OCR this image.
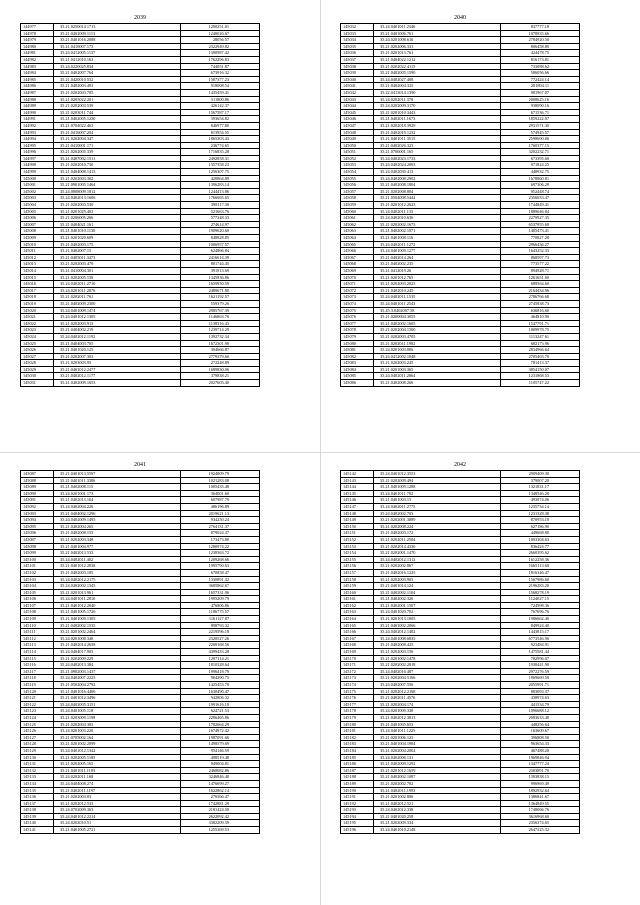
2039
144977	35.21.0250014.1713	1200251.01
144978	35.21.0402009.1113	1240026.67
144979	35.21.0401016.2088	28056.57
144980	35.21.0410007.173	2322949.82
144981	35.24.0412005.1137	1390987.42
144982	35.21.0412010.163	1762296.83
144983	35.24.0220025.834	744051.87
144984	35.21.0402007.764	673916.32
144985	35.21.0420010.552	1587377.23
144986	35.21.0402003.493	918008.54
144987	35.21.0202003.705	1435459.41
144988	35.21.0205022.201	511800.86
144989	35.21.0202003.539	426142.37
144990	35.21.0203011.744	1567587.17
144991	35.21.0402005.1230	393654.82
144992	35.21.0704022.463	846977.80
144993	35.21.0416007.204	813954.55
144994	35.21.0202004.347	1865303.43
144995	35.21.0410001.171	236774.65
144996	35.21.0202005.339	1716835.28
144997	35.21.0407002.1511	2492858.31
144998	35.21.0202010.730	1357358.23
144999	35.21.0404008.1413	1256307.75
145000	35.21.0202003.302	420864.89
145001	35.21.0901005.1464	1396283.14
145002	35.24.0808009.1812	1244413.86
145003	35.24.0402013.1606	1766665.65
145004	35.21.0202003.530	398117.30
145005	35.21.0201025.403	521663.76
145006	35.21.0206005.266	577348.33
145007	35.21.0404021.161	274614.97
145008	35.21.0401010.1130	1909620.60
145009	35.21.0201020.609	848828.85
145010	35.21.0402003.175	1006957.57
145011	35.21.0402007.15	624866.84
145012	35.21.0405011.3473	2416614.39
145013	35.21.0202003.479	881744.45
145014	35.21.0410004.301	391913.69
145015	35.21.0202005.158	1345836.86
145016	35.24.0402011.2710	1659950.59
145017	35.24.0201011.2876	2489671.80
145018	35.21.0202011.761	1621192.57
145019	35.21.0402009.2300	559379.26
145020	35.24.0401009.1474	2985767.39
145021	35.24.0401012.1305	1146863.76
145022	35.21.0202003.913	1138316.43
145023	35.21.0404002.219	1239714.29
145024	35.24.0402012.1192	1392732.34
145025	35.21.0404003.705	1672301.90
145026	35.21.0401020.125	394666.87
145027	35.21.0202007.303	2779379.60
145028	35.21.0203003.95	272248.89
145029	35.21.0401012.2477	1689830.06
145030	35.21.0402012.1177	379838.21
145031	35.21.0402009.1653	2027603.40
2040
145032	35.24.0401011.2346	837777.18
145033	35.21.0401006.761	1078935.66
145034	35.24.0201008.616	2784920.50
145035	35.21.0202006.331	806458.80
145036	35.21.0201013.761	424478.75
145037	35.21.0404022.1212	816173.81
145038	35.21.0202022.4115	733088.62
145039	35.21.0402005.1590	586056.66
145040	35.24.0402027.408	772424.14
145041	35.21.0402004.325	281804.11
145042	35.22.0413014.1390	981967.07
145043	35.24.0202011.378	2008625.16
145044	35.24.0202009.3170	938090.16
145045	35.21.0201010.3443	671536.71
145046	35.21.0402011.1673	1859222.07
145047	35.21.0202018.3929	2931571.30
145048	35.21.0402019.1232	574945.57
145049	35.21.0401011.3515	2598690.06
145050	35.21.0402026.323	1760377.15
145051	35.21.0706001.165	3202232.71
145052	35.24.0402023.1733	673395.60
145053	35.24.0402024.2003	971824.25
145054	35.24.0402030.413	448932.75
145055	35.24.0402008.2902	1678860.81
145056	35.21.0402008.1804	697306.29
145057	35.21.0202008.804	952448.74
145058	35.21.0504008.5442	2356033.47
145059	35.21.0201012.2623	1744849.41
145060	35.24.0402011.133	1889646.84
145061	35.24.0402010.636	2279927.35
145062	35.21.0202002.1673	6537955.69
145063	35.21.0402002.1071	1405473.41
145064	35.21.0401008.116	770827.28
145065	35.24.0402011.1272	2966436.27
145066	35.24.0401009.1277	1643252.33
145067	35.21.0402014.264	868597.73
145068	35.21.0402002.235	773577.22
145069	35.21.0412019.26	894928.71
145070	35.21.0201012.765	1261651.00
145071	35.21.0202003.2025	689564.60
145072	35.21.0402010.245	2164434.96
145073	35.24.0402011.1535	2786766.68
145074	35.24.0401011.2543	2745838.73
145075	35.45.3.0402007.58	636816.60
145076	35.21.0200004.3055	464810.90
145077	35.21.0402002.1605	1547791.71
145078	35.21.0202004.1500	1809978.75
145079	35.21.0202003.4705	1113247.61
145080	35.21.0202011.1982	682173.96
145081	35.24.0201003.806	2834966.64
145082	35.24.0412002.1048	2705403.70
145083	35.21.0202003.245	781413.37
145084	35.21.0201003.365	3854150.07
145085	35.24.0402011.2864	1231868.53
145086	35.21.0402008.266	1105747.22
2041
145087	35.21.0401013.5597	1924809.79
145088	35.21.0401011.3386	1021283.08
145089	35.21.0402008.115	1005435.48
145090	35.24.0201001.173	364001.60
145091	35.21.0402013.164	607987.79
145092	35.24.0402004.226	486196.89
145093	35.21.0404002.1296	2019621.13
145094	35.24.0402009.1495	934250.24
145095	35.21.0402004.265	2764131.37
145096	35.21.0402008.153	879024.37
145097	35.21.0202003.348	173473.80
145098	35.21.0401004.977	1280974.22
145099	35.21.0402013.533	1238363.72
145100	35.24.0402011.402	1209268.66
145101	35.21.0401012.2838	1995790.63
145102	35.21.0402003.185	670858.47
145103	35.24.0402012.2175	1330891.32
145104	35.24.0402002.1345	3685862.67
145105	35.21.0201013.961	1657331.06
145106	35.24.0401011.2810	1995209.79
145107	35.21.0401012.2040	476806.86
145108	35.21.0401005.1726	1186775.57
145109	35.21.0401009.1305	1161127.87
145110	35.21.0402002.1535	898793.32
145111	35.21.0201002.2464	2219596.18
145112	35.24.0201008.348	2328527.26
145113	35.21.0402014.2658	2208168.56
145114	35.24.0404017.903	4399433.28
145115	35.21.0202009.229	1297114.21
145116	35.24.0402013.384	1810328.64
145117	35.21.0902003.1437	1996418.79
145118	35.24.0402007.2225	904290.75
145119	35.21.0502004.2792	1425453.78
145120	35.21.0401016.4406	1630490.47
145121	35.21.0401012.3496	942806.32
145122	35.24.0402005.3151	1991616.10
145123	35.24.0401005.118	624721.53
145124	35.21.0203009.1198	2286465.86
145125	35.21.0202004.383	1782664.29
145126	35.24.0201003.220	1674872.42
145127	35.21.0705002.164	1987091.66
145128	35.21.0201002.2099	1498579.69
145129	35.24.0401012.1342	954146.59
145130	35.21.0202005.1185	498519.48
145131	35.21.0202005.165	849004.81
145132	35.21.0401011.1183	2468082.86
145133	35.24.0202011.168	3246846.40
145134	35.24.0404008.274	1476699.27
145135	35.21.0402011.1197	1622862.14
145136	35.21.0202003.83	276566.47
145137	35.21.0202012.533	1742881.29
145138	35.24.0702009.363	2181424.58
145139	35.24.0401012.2214	2622092.42
145140	35.24.0202010.51	3382209.39
145141	35.21.0401005.2721	1255369.53
2042
145142	35.24.0401012.3553	2909409.30
145143	35.21.0202009.494	379007.20
145144	35.21.0401009.1288	1321831.17
145145	35.24.0401011.782	1348546.20
145146	35.21.0401003.15	493974.06
145147	35.24.0402011.2775	1235734.14
145148	35.24.0402002.703	1231328.38
145149	35.21.0202001.3889	870953.18
145150	35.21.0202008.224	627186.90
145151	35.21.0402003.172	449668.80
145152	35.21.0202011.2504	1003304.63
145153	35.21.0202014.4330	836424.77
145154	35.21.0202001.1470	2660395.62
145155	35.24.0402012.1312	1612258.36
145156	35.21.0202002.867	1665113.60
145157	35.21.0402016.1225	1816346.47
145158	35.21.0202003.903	1567986.60
145159	35.21.0401014.124	2196283.20
145160	35.21.0402002.1104	1568278.19
145161	35.21.0402002.326	1124027.15
145162	35.21.0402001.1507	724998.36
145163	35.24.0401020.702	767696.76
145164	35.21.0201013.1005	1986662.40
145165	35.21.0401002.2066	849924.40
145166	35.24.0402012.1402	1443815.17
145167	35.24.0401008.6835	6773546.90
145168	35.21.0402008.425	923484.91
145169	35.21.0202003.156	1475581.44
145170	35.21.0201002.1478	782996.07
145171	35.21.0202002.2818	1938441.90
145172	35.24.0402016.487	2972276.59
145173	35.21.0202004.5166	1969669.50
145174	35.24.0402007.556	2055991.71
145175	35.21.0202012.2168	883093.37
145176	35.21.0402011.4576	438974.63
145177	35.21.0202004.174	441534.79
145178	35.24.0201009.338	1096688.12
145179	35.21.0402012.3813	2083633.40
145180	35.21.0401005.653	448256.64
145181	35.24.0401011.1225	163609.67
145182	35.21.0201006.123	396808.50
145183	35.21.0401004.1984	963654.33
145184	35.21.0202004.2002	467488.20
145185	35.24.0402006.131	1969846.94
145186	35.21.0402009.1292	1347777.24
145187	35.21.0201012.1659	2303891.70
145188	35.21.0402002.1087	1393838.15
145189	35.21.0202002.782	996969.49
145190	35.21.0402011.1993	1892932.64
145191	35.21.0201002.806	1386841.67
145192	35.21.0402012.521	1364849.55
145193	35.24.0402012.338	1748066.76
145194	35.21.0401020.258	3616968.60
145195	35.21.0202009.334	2356374.65
145196	35.24.0401010.2148	2647325.32
